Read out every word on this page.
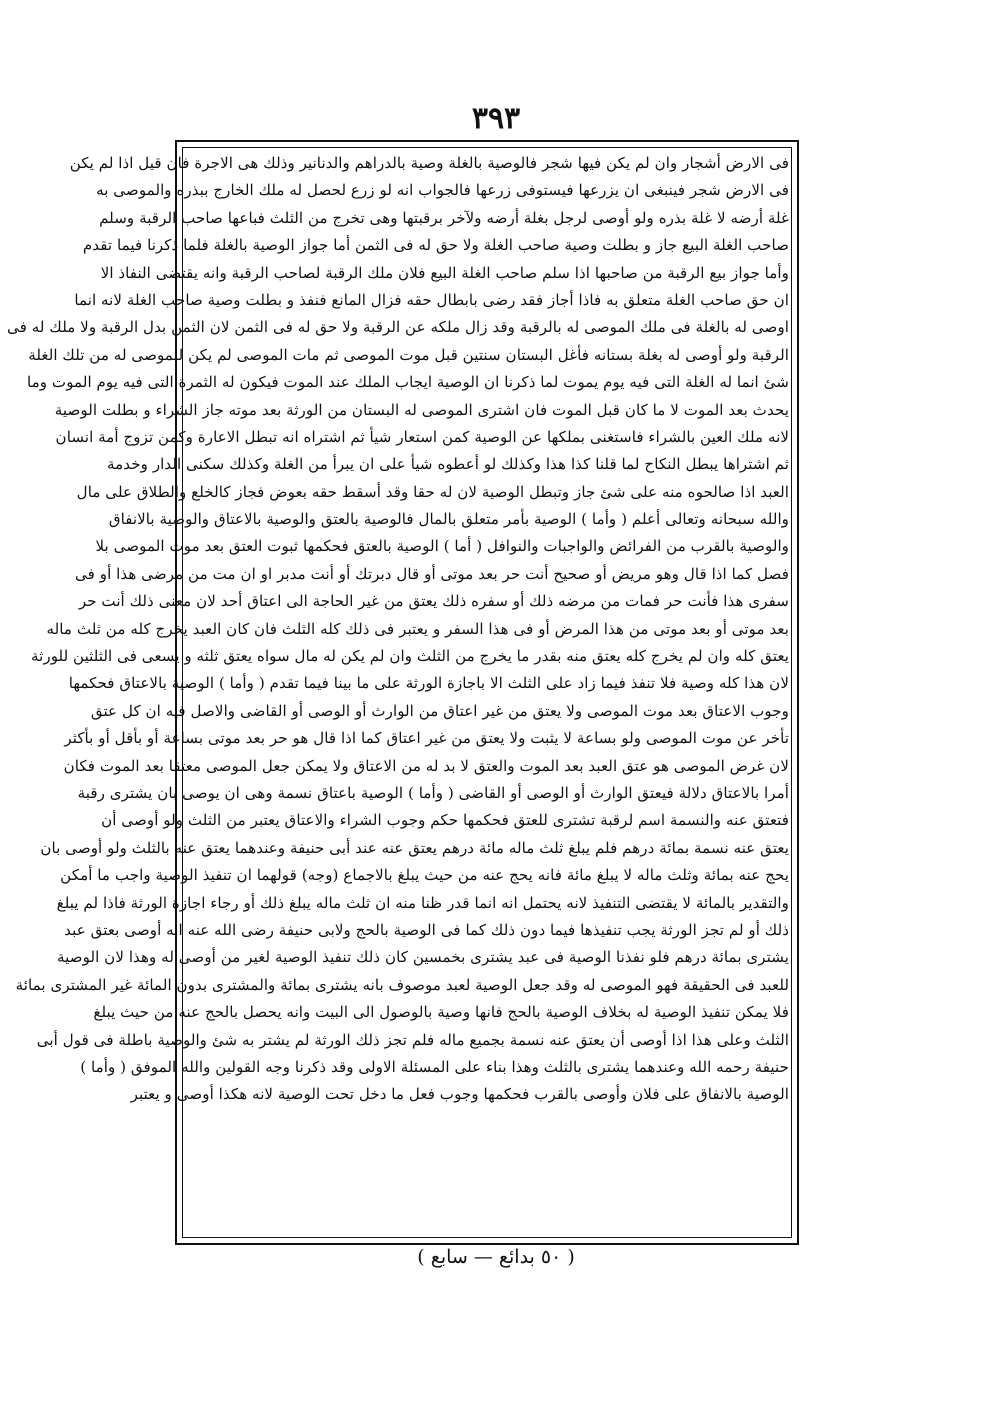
٣٩٣
فى الارض أشجار وان لم يكن فيها شجر فالوصية بالغلة وصية بالدراهم والدنانير وذلك هى الاجرة فان قيل اذا لم يكن
فى الارض شجر فينبغى ان يزرعها فيستوفى زرعها فالجواب انه لو زرع لحصل له ملك الخارج ببذره والموصى به
غلة أرضه لا غلة بذره ولو أوصى لرجل بغلة أرضه ولآخر برقبتها وهى تخرج من الثلث فباعها صاحب الرقبة وسلم
صاحب الغلة البيع جاز و بطلت وصية صاحب الغلة ولا حق له فى الثمن أما جواز الوصية بالغلة فلما ذكرنا فيما تقدم
وأما جواز بيع الرقبة من صاحبها اذا سلم صاحب الغلة البيع فلان ملك الرقبة لصاحب الرقبة وانه يقتضى النفاذ الا
ان حق صاحب الغلة متعلق به فاذا أجاز فقد رضى بابطال حقه فزال المانع فنفذ و بطلت وصية صاحب الغلة لانه انما
اوصى له بالغلة فى ملك الموصى له بالرقبة وقد زال ملكه عن الرقبة ولا حق له فى الثمن لان الثمن بدل الرقبة ولا ملك له فى
الرقبة ولو أوصى له بغلة بستانه فأغل البستان سنتين قبل موت الموصى ثم مات الموصى لم يكن للموصى له من تلك الغلة
شئ انما له الغلة التى فيه يوم يموت لما ذكرنا ان الوصية ايجاب الملك عند الموت فيكون له الثمرة التى فيه يوم الموت وما
يحدث بعد الموت لا ما كان قبل الموت فان اشترى الموصى له البستان من الورثة بعد موته جاز الشراء و بطلت الوصية
لانه ملك العين بالشراء فاستغنى بملكها عن الوصية كمن استعار شيأ ثم اشتراه انه تبطل الاعارة وكمن تزوج أمة انسان
ثم اشتراها يبطل النكاح لما قلنا كذا هذا وكذلك لو أعطوه شيأ على ان يبرأ من الغلة وكذلك سكنى الدار وخدمة
العبد اذا صالحوه منه على شئ جاز وتبطل الوصية لان له حقا وقد أسقط حقه بعوض فجاز كالخلع والطلاق على مال
والله سبحانه وتعالى أعلم ( وأما ) الوصية بأمر متعلق بالمال فالوصية بالعتق والوصية بالاعتاق والوصية بالانفاق
والوصية بالقرب من الفرائض والواجبات والنوافل ( أما ) الوصية بالعتق فحكمها ثبوت العتق بعد موت الموصى بلا
فصل كما اذا قال وهو مريض أو صحيح أنت حر بعد موتى أو قال دبرتك أو أنت مدبر او ان مت من مرضى هذا أو فى
سفرى هذا فأنت حر فمات من مرضه ذلك أو سفره ذلك يعتق من غير الحاجة الى اعتاق أحد لان معنى ذلك أنت حر
بعد موتى أو بعد موتى من هذا المرض أو فى هذا السفر و يعتبر فى ذلك كله الثلث فان كان العبد يخرج كله من ثلث ماله
يعتق كله وان لم يخرج كله يعتق منه بقدر ما يخرج من الثلث وان لم يكن له مال سواه يعتق ثلثه و يسعى فى الثلثين للورثة
لان هذا كله وصية فلا تنفذ فيما زاد على الثلث الا باجازة الورثة على ما بينا فيما تقدم ( وأما ) الوصية بالاعتاق فحكمها
وجوب الاعتاق بعد موت الموصى ولا يعتق من غير اعتاق من الوارث أو الوصى أو القاضى والاصل فيه ان كل عتق
تأخر عن موت الموصى ولو بساعة لا يثبت ولا يعتق من غير اعتاق كما اذا قال هو حر بعد موتى بساعة أو بأقل أو بأكثر
لان غرض الموصى هو عتق العبد بعد الموت والعتق لا بد له من الاعتاق ولا يمكن جعل الموصى معتقا بعد الموت فكان
أمرا بالاعتاق دلالة فيعتق الوارث أو الوصى أو القاضى ( وأما ) الوصية باعتاق نسمة وهى ان يوصى بان يشترى رقبة
فتعتق عنه والنسمة اسم لرقبة تشترى للعتق فحكمها حكم وجوب الشراء والاعتاق يعتبر من الثلث ولو أوصى أن
يعتق عنه نسمة بمائة درهم فلم يبلغ ثلث ماله مائة درهم يعتق عنه عند أبى حنيفة وعندهما يعتق عنه بالثلث ولو أوصى بان
يحج عنه بمائة وثلث ماله لا يبلغ مائة فانه يحج عنه من حيث يبلغ بالاجماع (وجه) قولهما ان تنفيذ الوصية واجب ما أمكن
والتقدير بالمائة لا يقتضى التنفيذ لانه يحتمل انه انما قدر ظنا منه ان ثلث ماله يبلغ ذلك أو رجاء اجازة الورثة فاذا لم يبلغ
ذلك أو لم تجز الورثة يجب تنفيذها فيما دون ذلك كما فى الوصية بالحج ولابى حنيفة رضى الله عنه انه أوصى بعتق عبد
يشترى بمائة درهم فلو نفذنا الوصية فى عبد يشترى بخمسين كان ذلك تنفيذ الوصية لغير من أوصى له وهذا لان الوصية
للعبد فى الحقيقة فهو الموصى له وقد جعل الوصية لعبد موصوف بانه يشترى بمائة والمشترى بدون المائة غير المشترى بمائة
فلا يمكن تنفيذ الوصية له بخلاف الوصية بالحج فانها وصية بالوصول الى البيت وانه يحصل بالحج عنه من حيث يبلغ
الثلث وعلى هذا اذا أوصى أن يعتق عنه نسمة بجميع ماله فلم تجز ذلك الورثة لم يشتر به شئ والوصية باطلة فى قول أبى
حنيفة رحمه الله وعندهما يشترى بالثلث وهذا بناء على المسئلة الاولى وقد ذكرنا وجه القولين والله الموفق ( وأما )
الوصية بالانفاق على فلان وأوصى بالقرب فحكمها وجوب فعل ما دخل تحت الوصية لانه هكذا أوصى و يعتبر
( ٥٠ بدائع — سابع )
